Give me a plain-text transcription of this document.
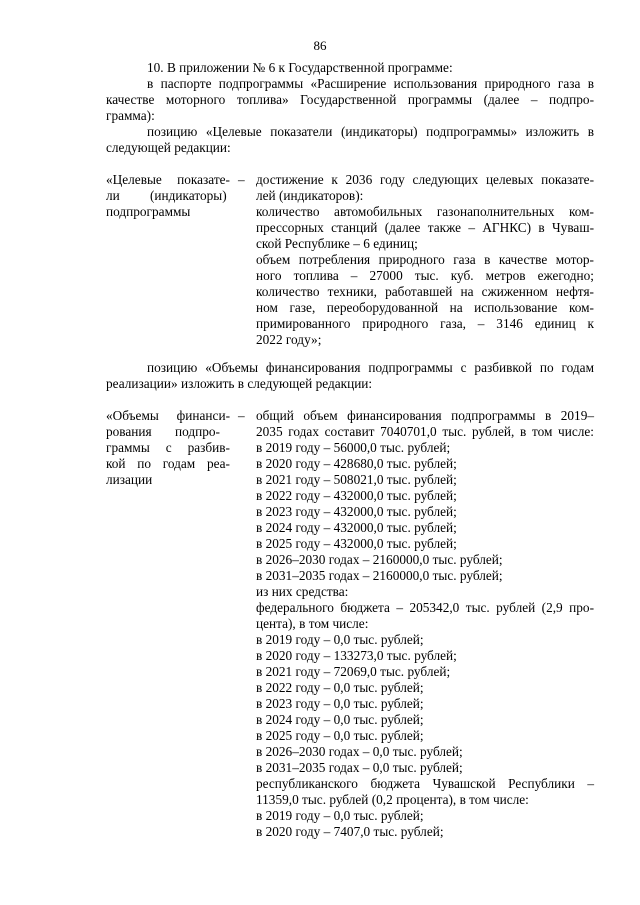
86
10. В приложении № 6 к Государственной программе:
в паспорте подпрограммы «Расширение использования природного газа в
качестве моторного топлива» Государственной программы (далее – подпро-
грамма):
позицию «Целевые показатели (индикаторы) подпрограммы» изложить в
следующей редакции:
«Целевые показате-
ли (индикаторы)
подпрограммы
– достижение к 2036 году следующих целевых показате-
лей (индикаторов):
количество автомобильных газонаполнительных ком-
прессорных станций (далее также – АГНКС) в Чуваш-
ской Республике – 6 единиц;
объем потребления природного газа в качестве мотор-
ного топлива – 27000 тыс. куб. метров ежегодно;
количество техники, работавшей на сжиженном нефтя-
ном газе, переоборудованной на использование ком-
примированного природного газа, – 3146 единиц к
2022 году»;
позицию «Объемы финансирования подпрограммы с разбивкой по годам
реализации» изложить в следующей редакции:
«Объемы финанси-
рования подпро-
граммы с разбив-
кой по годам реа-
лизации
– общий объем финансирования подпрограммы в 2019–
2035 годах составит 7040701,0 тыс. рублей, в том числе:
в 2019 году – 56000,0 тыс. рублей;
в 2020 году – 428680,0 тыс. рублей;
в 2021 году – 508021,0 тыс. рублей;
в 2022 году – 432000,0 тыс. рублей;
в 2023 году – 432000,0 тыс. рублей;
в 2024 году – 432000,0 тыс. рублей;
в 2025 году – 432000,0 тыс. рублей;
в 2026–2030 годах – 2160000,0 тыс. рублей;
в 2031–2035 годах – 2160000,0 тыс. рублей;
из них средства:
федерального бюджета – 205342,0 тыс. рублей (2,9 про-
цента), в том числе:
в 2019 году – 0,0 тыс. рублей;
в 2020 году – 133273,0 тыс. рублей;
в 2021 году – 72069,0 тыс. рублей;
в 2022 году – 0,0 тыс. рублей;
в 2023 году – 0,0 тыс. рублей;
в 2024 году – 0,0 тыс. рублей;
в 2025 году – 0,0 тыс. рублей;
в 2026–2030 годах – 0,0 тыс. рублей;
в 2031–2035 годах – 0,0 тыс. рублей;
республиканского бюджета Чувашской Республики –
11359,0 тыс. рублей (0,2 процента), в том числе:
в 2019 году – 0,0 тыс. рублей;
в 2020 году – 7407,0 тыс. рублей;
